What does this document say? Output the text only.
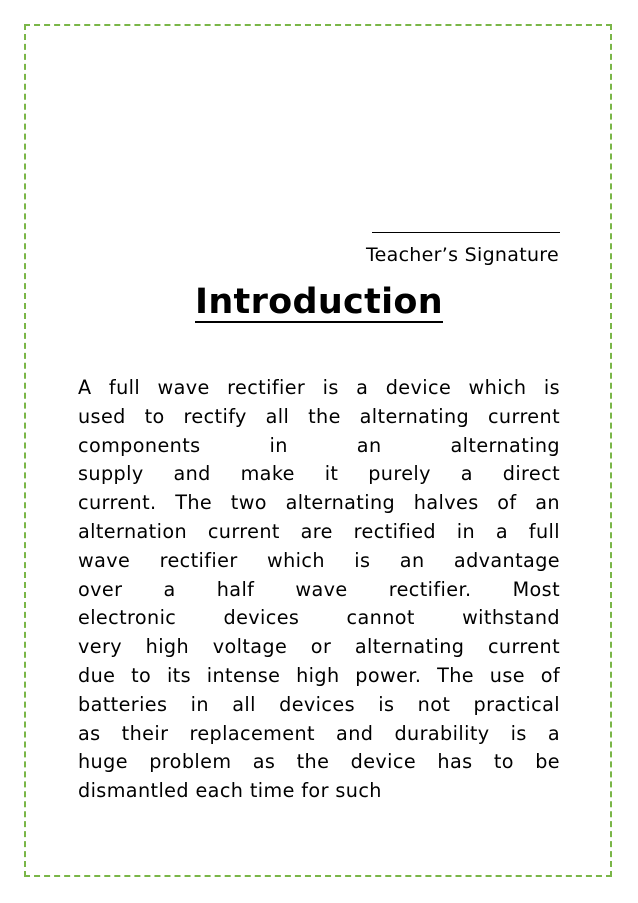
Teacher’s Signature
Introduction
A full wave rectifier is a device which is
used to rectify all the alternating current
components in an alternating
supply and make it purely a direct
current. The two alternating halves of an
alternation current are rectified in a full
wave rectifier which is an advantage
over a half wave rectifier. Most
electronic devices cannot withstand
very high voltage or alternating current
due to its intense high power. The use of
batteries in all devices is not practical
as their replacement and durability is a
huge problem as the device has to be
dismantled each time for such
